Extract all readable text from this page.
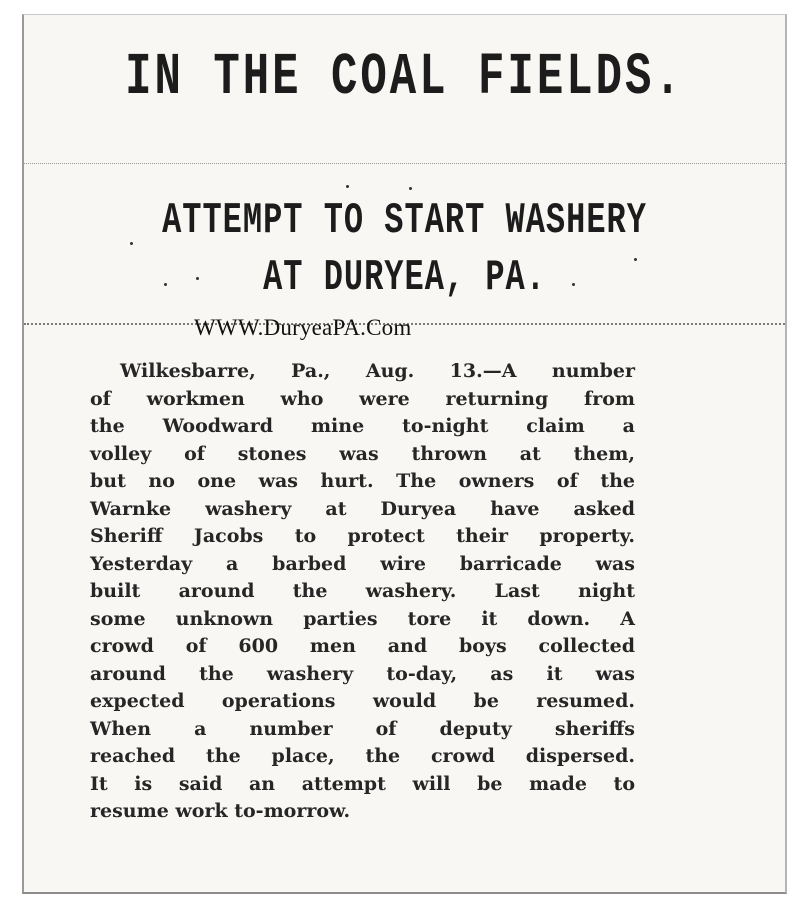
IN THE COAL FIELDS.
ATTEMPT TO START WASHERY
AT DURYEA, PA.
WWW.DuryeaPA.Com
Wilkesbarre, Pa., Aug. 13.—A number
of workmen who were returning from
the Woodward mine to-night claim a
volley of stones was thrown at them,
but no one was hurt. The owners of the
Warnke washery at Duryea have asked
Sheriff Jacobs to protect their property.
Yesterday a barbed wire barricade was
built around the washery. Last night
some unknown parties tore it down. A
crowd of 600 men and boys collected
around the washery to-day, as it was
expected operations would be resumed.
When a number of deputy sheriffs
reached the place, the crowd dispersed.
It is said an attempt will be made to
resume work to-morrow.
